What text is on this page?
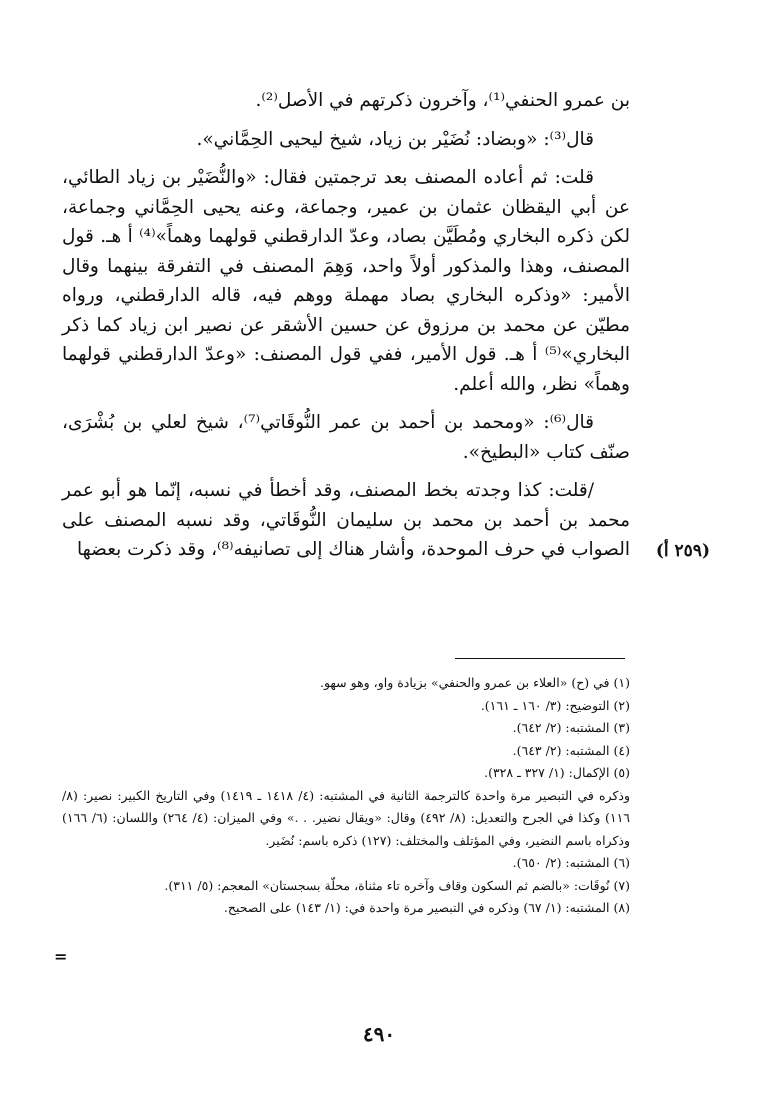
بن عمرو الحنفي⁽¹⁾، وآخرون ذكرتهم في الأصل⁽²⁾.

قال⁽³⁾: «وبضاد: نُضَيْر بن زياد، شيخ ليحيى الحِمَّاني».

قلت: ثم أعاده المصنف بعد ترجمتين فقال: «والنُّضَيْر بن زياد الطائي، عن أبي اليقظان عثمان بن عمير، وجماعة، وعنه يحيى الحِمَّاني وجماعة، لكن ذكره البخاري ومُطَيَّن بصاد، وعدّ الدارقطني قولهما وهماً»⁽⁴⁾ أ هـ. قول المصنف، وهذا والمذكور أولاً واحد، وَهِمَ المصنف في التفرقة بينهما وقال الأمير: «وذكره البخاري بصاد مهملة ووهم فيه، قاله الدارقطني، ورواه مطيّن عن محمد بن مرزوق عن حسين الأشقر عن نصير ابن زياد كما ذكر البخاري»⁽⁵⁾ أ هـ. قول الأمير، ففي قول المصنف: «وعدّ الدارقطني قولهما وهماً» نظر، والله أعلم.

قال⁽⁶⁾: «ومحمد بن أحمد بن عمر النُّوقَاتي⁽⁷⁾، شيخ لعلي بن بُشْرَى، صنّف كتاب «البطيخ».

/قلت: كذا وجدته بخط المصنف، وقد أخطأ في نسبه، إنّما هو أبو عمر محمد بن أحمد بن محمد بن سليمان النُّوقَاتي، وقد نسبه المصنف على الصواب في حرف الموحدة، وأشار هناك إلى تصانيفه⁽⁸⁾، وقد ذكرت بعضها	(٢٥٩ أ)
(١) في (ح) «العلاء بن عمرو والحنفي» بزيادة واو، وهو سهو.
(٢) التوضيح: (٣/ ١٦٠ ـ ١٦١).
(٣) المشتبه: (٢/ ٦٤٢).
(٤) المشتبه: (٢/ ٦٤٣).
(٥) الإكمال: (١/ ٣٢٧ ـ ٣٢٨).
وذكره في التبصير مرة واحدة كالترجمة الثانية في المشتبه: (٤/ ١٤١٨ ـ ١٤١٩) وفي التاريخ الكبير: نصير: (٨/ ١١٦) وكذا في الجرح والتعديل: (٨/ ٤٩٢) وقال: «ويقال نضير. . .» وفي الميزان: (٤/ ٢٦٤) واللسان: (٦/ ١٦٦) وذكراه باسم النضير، وفي المؤتلف والمختلف: (١٢٧) ذكره باسم: نُضَير.
(٦) المشتبه: (٢/ ٦٥٠).
(٧) نُوقَات: «بالضم ثم السكون وقاف وآخره تاء مثناة، محلّة بسجستان» المعجم: (٥/ ٣١١).
(٨) المشتبه: (١/ ٦٧) وذكره في التبصير مرة واحدة في: (١/ ١٤٣) على الصحيح.
=
٤٩٠
